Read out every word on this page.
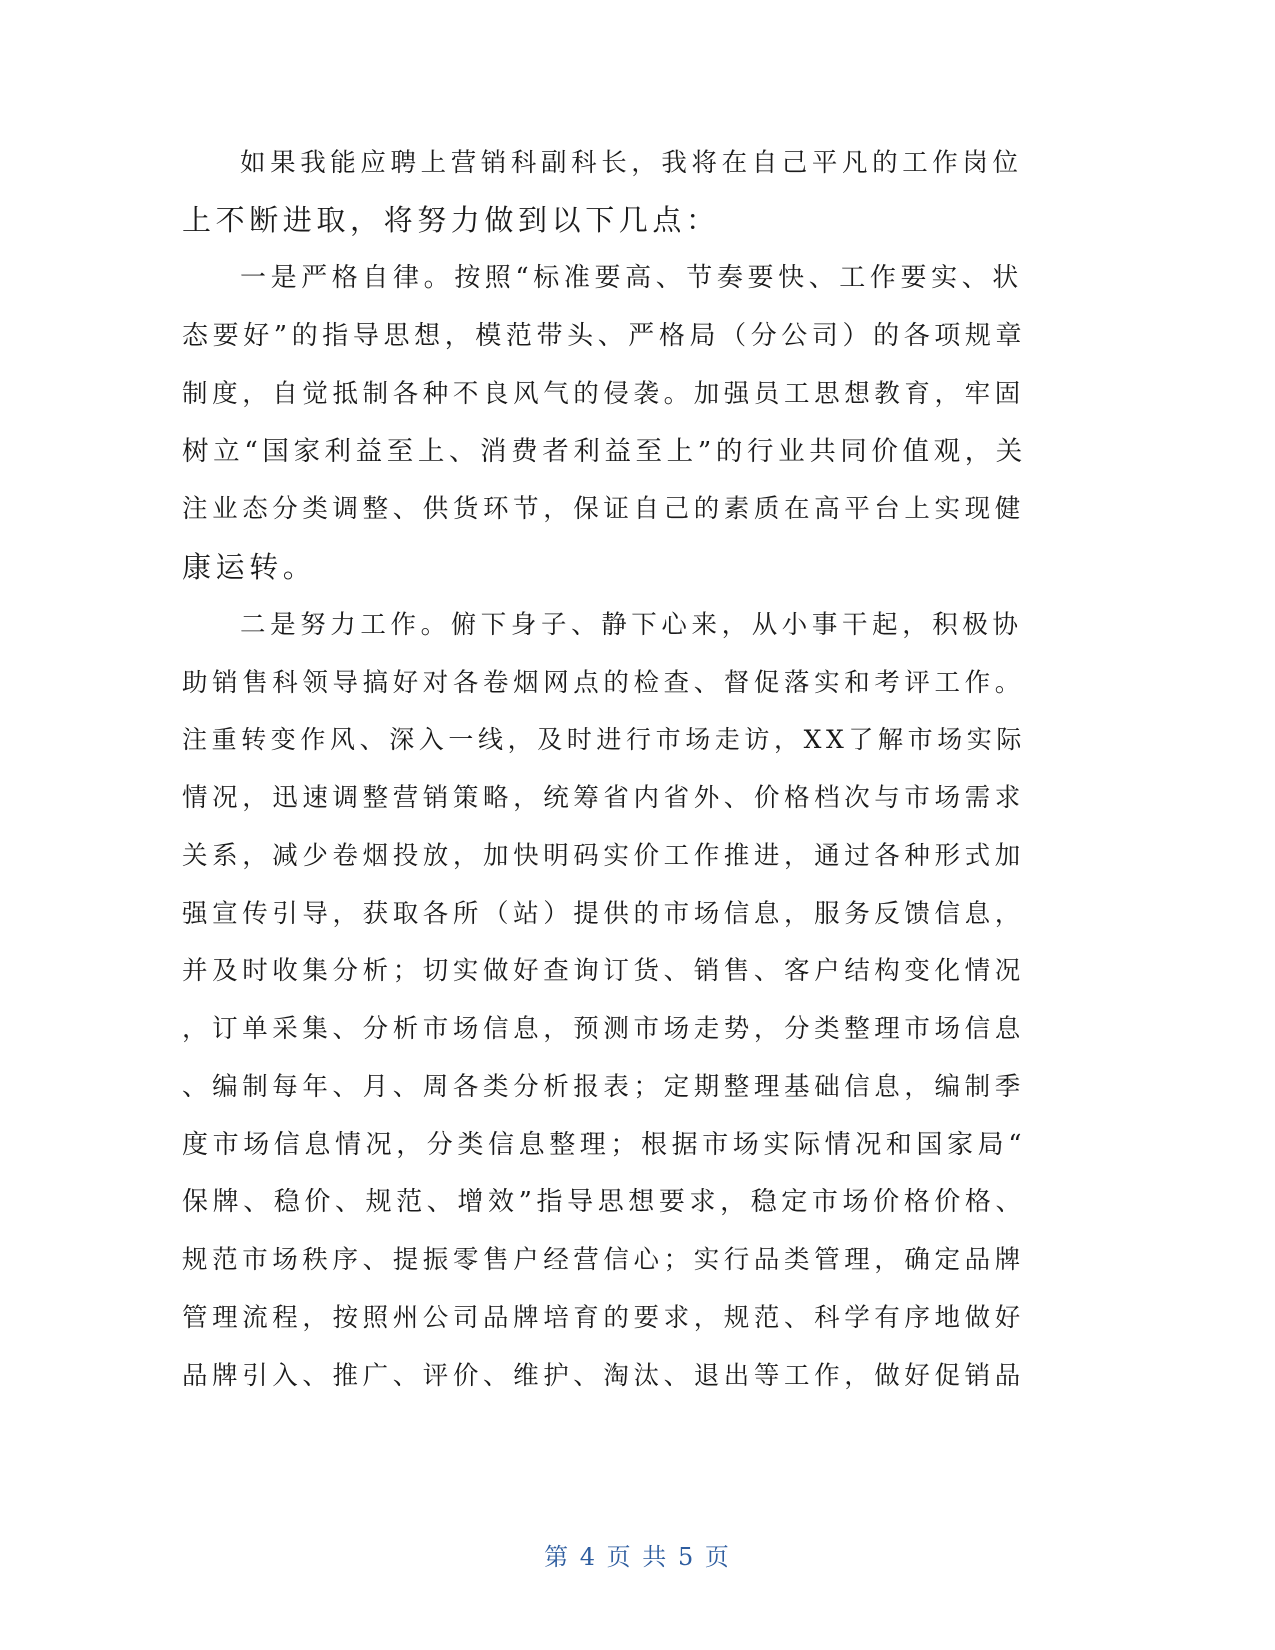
如果我能应聘上营销科副科长，我将在自己平凡的工作岗位
上不断进取，将努力做到以下几点：
一是严格自律。按照“标准要高、节奏要快、工作要实、状
态要好”的指导思想，模范带头、严格局（分公司）的各项规章
制度，自觉抵制各种不良风气的侵袭。加强员工思想教育，牢固
树立“国家利益至上、消费者利益至上”的行业共同价值观，关
注业态分类调整、供货环节，保证自己的素质在高平台上实现健
康运转。
二是努力工作。俯下身子、静下心来，从小事干起，积极协
助销售科领导搞好对各卷烟网点的检查、督促落实和考评工作。
注重转变作风、深入一线，及时进行市场走访，XX了解市场实际
情况，迅速调整营销策略，统筹省内省外、价格档次与市场需求
关系，减少卷烟投放，加快明码实价工作推进，通过各种形式加
强宣传引导，获取各所（站）提供的市场信息，服务反馈信息，
并及时收集分析；切实做好查询订货、销售、客户结构变化情况
，订单采集、分析市场信息，预测市场走势，分类整理市场信息
、编制每年、月、周各类分析报表；定期整理基础信息，编制季
度市场信息情况，分类信息整理；根据市场实际情况和国家局“
保牌、稳价、规范、增效”指导思想要求，稳定市场价格价格、
规范市场秩序、提振零售户经营信心；实行品类管理，确定品牌
管理流程，按照州公司品牌培育的要求，规范、科学有序地做好
品牌引入、推广、评价、维护、淘汰、退出等工作，做好促销品
第 4 页 共 5 页
